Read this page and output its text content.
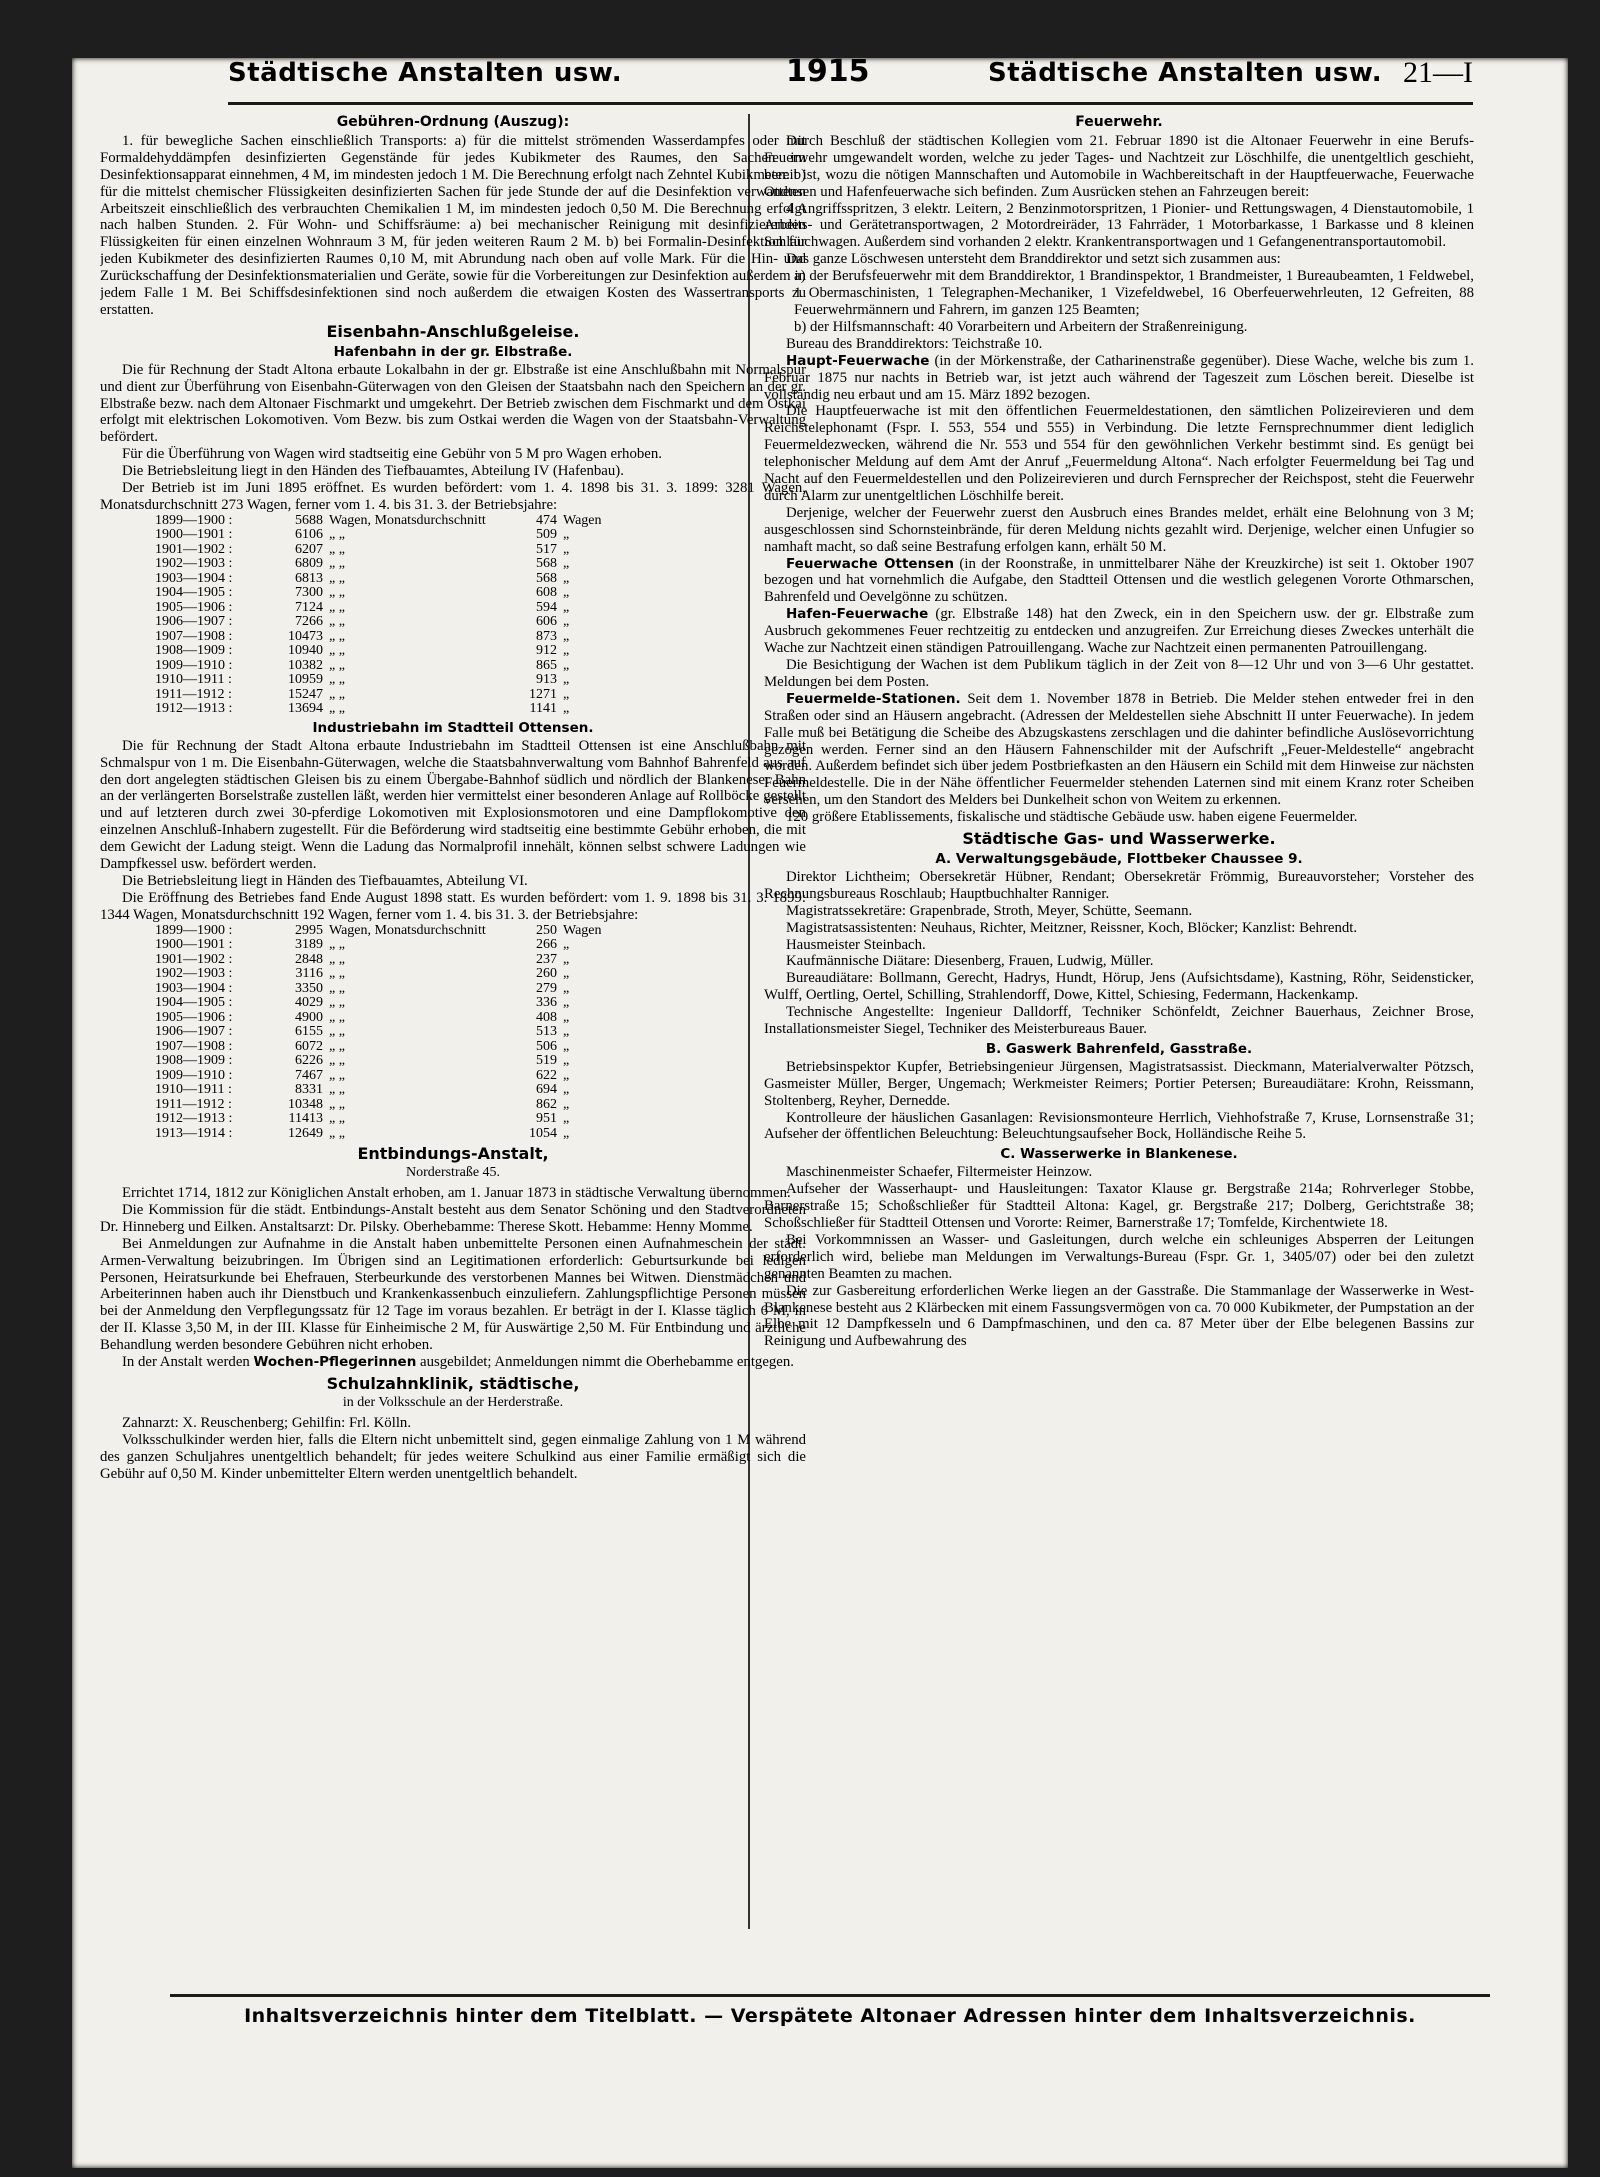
Städtische Anstalten usw.	1915	Städtische Anstalten usw. 21—I
Gebühren-Ordnung (Auszug):

1. für bewegliche Sachen einschließlich Transports: a) für die mittelst strömenden Wasserdampfes oder mit Formaldehyddämpfen desinfizierten Gegenstände für jedes Kubikmeter des Raumes, den Sachen im Desinfektionsapparat einnehmen, 4 M, im mindesten jedoch 1 M. Die Berechnung erfolgt nach Zehntel Kubikmeter. b) für die mittelst chemischer Flüssigkeiten desinfizierten Sachen für jede Stunde der auf die Desinfektion verwandten Arbeitszeit einschließlich des verbrauchten Chemikalien 1 M, im mindesten jedoch 0,50 M. Die Berechnung erfolgt nach halben Stunden. 2. Für Wohn- und Schiffsräume: a) bei mechanischer Reinigung mit desinfizierenden Flüssigkeiten für einen einzelnen Wohnraum 3 M, für jeden weiteren Raum 2 M. b) bei Formalin-Desinfektion für jeden Kubikmeter des desinfizierten Raumes 0,10 M, mit Abrundung nach oben auf volle Mark. Für die Hin- und Zurückschaffung der Desinfektionsmaterialien und Geräte, sowie für die Vorbereitungen zur Desinfektion außerdem in jedem Falle 1 M. Bei Schiffsdesinfektionen sind noch außerdem die etwaigen Kosten des Wassertransports zu erstatten.

Eisenbahn-Anschlußgeleise.
Hafenbahn in der gr. Elbstraße.

Die für Rechnung der Stadt Altona erbaute Lokalbahn in der gr. Elbstraße ist eine Anschlußbahn mit Normalspur und dient zur Überführung von Eisenbahn-Güterwagen von den Gleisen der Staatsbahn nach den Speichern an der gr. Elbstraße bezw. nach dem Altonaer Fischmarkt und umgekehrt. Der Betrieb zwischen dem Fischmarkt und dem Ostkai erfolgt mit elektrischen Lokomotiven. Vom Bezw. bis zum Ostkai werden die Wagen von der Staatsbahn-Verwaltung befördert.

Für die Überführung von Wagen wird stadtseitig eine Gebühr von 5 M pro Wagen erhoben.

Die Betriebsleitung liegt in den Händen des Tiefbauamtes, Abteilung IV (Hafenbau).

Der Betrieb ist im Juni 1895 eröffnet. Es wurden befördert: vom 1. 4. 1898 bis 31. 3. 1899: 3281 Wagen, Monatsdurchschnitt 273 Wagen, ferner vom 1. 4. bis 31. 3. der Betriebsjahre:

1899—1900 :	5688	Wagen, Monatsdurchschnitt	474	Wagen
1900—1901 :	6106	„ „	509	„
1901—1902 :	6207	„ „	517	„
1902—1903 :	6809	„ „	568	„
1903—1904 :	6813	„ „	568	„
1904—1905 :	7300	„ „	608	„
1905—1906 :	7124	„ „	594	„
1906—1907 :	7266	„ „	606	„
1907—1908 :	10473	„ „	873	„
1908—1909 :	10940	„ „	912	„
1909—1910 :	10382	„ „	865	„
1910—1911 :	10959	„ „	913	„
1911—1912 :	15247	„ „	1271	„
1912—1913 :	13694	„ „	1141	„
Industriebahn im Stadtteil Ottensen.

Die für Rechnung der Stadt Altona erbaute Industriebahn im Stadtteil Ottensen ist eine Anschlußbahn mit Schmalspur von 1 m. Die Eisenbahn-Güterwagen, welche die Staatsbahnverwaltung vom Bahnhof Bahrenfeld aus auf den dort angelegten städtischen Gleisen bis zu einem Übergabe-Bahnhof südlich und nördlich der Blankeneser Bahn an der verlängerten Borselstraße zustellen läßt, werden hier vermittelst einer besonderen Anlage auf Rollböcke gestellt und auf letzteren durch zwei 30-pferdige Lokomotiven mit Explosionsmotoren und eine Dampflokomotive den einzelnen Anschluß-Inhabern zugestellt. Für die Beförderung wird stadtseitig eine bestimmte Gebühr erhoben, die mit dem Gewicht der Ladung steigt. Wenn die Ladung das Normalprofil innehält, können selbst schwere Ladungen wie Dampfkessel usw. befördert werden.

Die Betriebsleitung liegt in Händen des Tiefbauamtes, Abteilung VI.

Die Eröffnung des Betriebes fand Ende August 1898 statt. Es wurden befördert: vom 1. 9. 1898 bis 31. 3. 1899: 1344 Wagen, Monatsdurchschnitt 192 Wagen, ferner vom 1. 4. bis 31. 3. der Betriebsjahre:

1899—1900 :	2995	Wagen, Monatsdurchschnitt	250	Wagen
1900—1901 :	3189	„ „	266	„
1901—1902 :	2848	„ „	237	„
1902—1903 :	3116	„ „	260	„
1903—1904 :	3350	„ „	279	„
1904—1905 :	4029	„ „	336	„
1905—1906 :	4900	„ „	408	„
1906—1907 :	6155	„ „	513	„
1907—1908 :	6072	„ „	506	„
1908—1909 :	6226	„ „	519	„
1909—1910 :	7467	„ „	622	„
1910—1911 :	8331	„ „	694	„
1911—1912 :	10348	„ „	862	„
1912—1913 :	11413	„ „	951	„
1913—1914 :	12649	„ „	1054	„
Entbindungs-Anstalt,
Norderstraße 45.

Errichtet 1714, 1812 zur Königlichen Anstalt erhoben, am 1. Januar 1873 in städtische Verwaltung übernommen.

Die Kommission für die städt. Entbindungs-Anstalt besteht aus dem Senator Schöning und den Stadtverordneten Dr. Hinneberg und Eilken. Anstaltsarzt: Dr. Pilsky. Oberhebamme: Therese Skott. Hebamme: Henny Momme.

Bei Anmeldungen zur Aufnahme in die Anstalt haben unbemittelte Personen einen Aufnahmeschein der städt. Armen-Verwaltung beizubringen. Im Übrigen sind an Legitimationen erforderlich: Geburtsurkunde bei ledigen Personen, Heiratsurkunde bei Ehefrauen, Sterbeurkunde des verstorbenen Mannes bei Witwen. Dienstmädchen und Arbeiterinnen haben auch ihr Dienstbuch und Krankenkassenbuch einzuliefern. Zahlungspflichtige Personen müssen bei der Anmeldung den Verpflegungssatz für 12 Tage im voraus bezahlen. Er beträgt in der I. Klasse täglich 6 M, in der II. Klasse 3,50 M, in der III. Klasse für Einheimische 2 M, für Auswärtige 2,50 M. Für Entbindung und ärztliche Behandlung werden besondere Gebühren nicht erhoben.

In der Anstalt werden Wochen-Pflegerinnen ausgebildet; Anmeldungen nimmt die Oberhebamme entgegen.

Schulzahnklinik, städtische,
in der Volksschule an der Herderstraße.

Zahnarzt: X. Reuschenberg; Gehilfin: Frl. Kölln.

Volksschulkinder werden hier, falls die Eltern nicht unbemittelt sind, gegen einmalige Zahlung von 1 M während des ganzen Schuljahres unentgeltlich behandelt; für jedes weitere Schulkind aus einer Familie ermäßigt sich die Gebühr auf 0,50 M. Kinder unbemittelter Eltern werden unentgeltlich behandelt.

Feuerwehr.

Durch Beschluß der städtischen Kollegien vom 21. Februar 1890 ist die Altonaer Feuerwehr in eine Berufs-Feuerwehr umgewandelt worden, welche zu jeder Tages- und Nachtzeit zur Löschhilfe, die unentgeltlich geschieht, bereit ist, wozu die nötigen Mannschaften und Automobile in Wachbereitschaft in der Hauptfeuerwache, Feuerwache Ottensen und Hafenfeuerwache sich befinden. Zum Ausrücken stehen an Fahrzeugen bereit:

4 Angriffsspritzen, 3 elektr. Leitern, 2 Benzinmotorspritzen, 1 Pionier- und Rettungswagen, 4 Dienstautomobile, 1 Arbeits- und Gerätetransportwagen, 2 Motordreiräder, 13 Fahrräder, 1 Motorbarkasse, 1 Barkasse und 8 kleinen Schlauchwagen. Außerdem sind vorhanden 2 elektr. Krankentransportwagen und 1 Gefangenentransportautomobil.

Das ganze Löschwesen untersteht dem Branddirektor und setzt sich zusammen aus:

a) der Berufsfeuerwehr mit dem Branddirektor, 1 Brandinspektor, 1 Brandmeister, 1 Bureaubeamten, 1 Feldwebel, 1 Obermaschinisten, 1 Telegraphen-Mechaniker, 1 Vizefeldwebel, 16 Oberfeuerwehrleuten, 12 Gefreiten, 88 Feuerwehrmännern und Fahrern, im ganzen 125 Beamten;

b) der Hilfsmannschaft: 40 Vorarbeitern und Arbeitern der Straßenreinigung.

Bureau des Branddirektors: Teichstraße 10.

Haupt-Feuerwache (in der Mörkenstraße, der Catharinenstraße gegenüber). Diese Wache, welche bis zum 1. Februar 1875 nur nachts in Betrieb war, ist jetzt auch während der Tageszeit zum Löschen bereit. Dieselbe ist vollständig neu erbaut und am 15. März 1892 bezogen.

Die Hauptfeuerwache ist mit den öffentlichen Feuermeldestationen, den sämtlichen Polizeirevieren und dem Reichstelephonamt (Fspr. I. 553, 554 und 555) in Verbindung. Die letzte Fernsprechnummer dient lediglich Feuermeldezwecken, während die Nr. 553 und 554 für den gewöhnlichen Verkehr bestimmt sind. Es genügt bei telephonischer Meldung auf dem Amt der Anruf „Feuermeldung Altona“. Nach erfolgter Feuermeldung bei Tag und Nacht auf den Feuermeldestellen und den Polizeirevieren und durch Fernsprecher der Reichspost, steht die Feuerwehr durch Alarm zur unentgeltlichen Löschhilfe bereit.

Derjenige, welcher der Feuerwehr zuerst den Ausbruch eines Brandes meldet, erhält eine Belohnung von 3 M; ausgeschlossen sind Schornsteinbrände, für deren Meldung nichts gezahlt wird. Derjenige, welcher einen Unfugier so namhaft macht, so daß seine Bestrafung erfolgen kann, erhält 50 M.

Feuerwache Ottensen (in der Roonstraße, in unmittelbarer Nähe der Kreuzkirche) ist seit 1. Oktober 1907 bezogen und hat vornehmlich die Aufgabe, den Stadtteil Ottensen und die westlich gelegenen Vororte Othmarschen, Bahrenfeld und Oevelgönne zu schützen.

Hafen-Feuerwache (gr. Elbstraße 148) hat den Zweck, ein in den Speichern usw. der gr. Elbstraße zum Ausbruch gekommenes Feuer rechtzeitig zu entdecken und anzugreifen. Zur Erreichung dieses Zweckes unterhält die Wache zur Nachtzeit einen ständigen Patrouillengang. Wache zur Nachtzeit einen permanenten Patrouillengang.

Die Besichtigung der Wachen ist dem Publikum täglich in der Zeit von 8—12 Uhr und von 3—6 Uhr gestattet. Meldungen bei dem Posten.

Feuermelde-Stationen. Seit dem 1. November 1878 in Betrieb. Die Melder stehen entweder frei in den Straßen oder sind an Häusern angebracht. (Adressen der Meldestellen siehe Abschnitt II unter Feuerwache). In jedem Falle muß bei Betätigung die Scheibe des Abzugskastens zerschlagen und die dahinter befindliche Auslösevorrichtung gezogen werden. Ferner sind an den Häusern Fahnenschilder mit der Aufschrift „Feuer-Meldestelle“ angebracht worden. Außerdem befindet sich über jedem Postbriefkasten an den Häusern ein Schild mit dem Hinweise zur nächsten Feuermeldestelle. Die in der Nähe öffentlicher Feuermelder stehenden Laternen sind mit einem Kranz roter Scheiben versehen, um den Standort des Melders bei Dunkelheit schon von Weitem zu erkennen.

120 größere Etablissements, fiskalische und städtische Gebäude usw. haben eigene Feuermelder.

Städtische Gas- und Wasserwerke.
A. Verwaltungsgebäude, Flottbeker Chaussee 9.

Direktor Lichtheim; Obersekretär Hübner, Rendant; Obersekretär Frömmig, Bureauvorsteher; Vorsteher des Rechnungsbureaus Roschlaub; Hauptbuchhalter Ranniger.

Magistratssekretäre: Grapenbrade, Stroth, Meyer, Schütte, Seemann.

Magistratsassistenten: Neuhaus, Richter, Meitzner, Reissner, Koch, Blöcker; Kanzlist: Behrendt.

Hausmeister Steinbach.

Kaufmännische Diätare: Diesenberg, Frauen, Ludwig, Müller.

Bureaudiätare: Bollmann, Gerecht, Hadrys, Hundt, Hörup, Jens (Aufsichtsdame), Kastning, Röhr, Seidensticker, Wulff, Oertling, Oertel, Schilling, Strahlendorff, Dowe, Kittel, Schiesing, Federmann, Hackenkamp.

Technische Angestellte: Ingenieur Dalldorff, Techniker Schönfeldt, Zeichner Bauerhaus, Zeichner Brose, Installationsmeister Siegel, Techniker des Meisterbureaus Bauer.

B. Gaswerk Bahrenfeld, Gasstraße.

Betriebsinspektor Kupfer, Betriebsingenieur Jürgensen, Magistratsassist. Dieckmann, Materialverwalter Pötzsch, Gasmeister Müller, Berger, Ungemach; Werkmeister Reimers; Portier Petersen; Bureaudiätare: Krohn, Reissmann, Stoltenberg, Reyher, Dernedde.

Kontrolleure der häuslichen Gasanlagen: Revisionsmonteure Herrlich, Viehhofstraße 7, Kruse, Lornsenstraße 31; Aufseher der öffentlichen Beleuchtung: Beleuchtungsaufseher Bock, Holländische Reihe 5.

C. Wasserwerke in Blankenese.

Maschinenmeister Schaefer, Filtermeister Heinzow.

Aufseher der Wasserhaupt- und Hausleitungen: Taxator Klause gr. Bergstraße 214a; Rohrverleger Stobbe, Barnerstraße 15; Schoßschließer für Stadtteil Altona: Kagel, gr. Bergstraße 217; Dolberg, Gerichtstraße 38; Schoßschließer für Stadtteil Ottensen und Vororte: Reimer, Barnerstraße 17; Tomfelde, Kirchentwiete 18.

Bei Vorkommnissen an Wasser- und Gasleitungen, durch welche ein schleuniges Absperren der Leitungen erforderlich wird, beliebe man Meldungen im Verwaltungs-Bureau (Fspr. Gr. 1, 3405/07) oder bei den zuletzt genannten Beamten zu machen.

Die zur Gasbereitung erforderlichen Werke liegen an der Gasstraße. Die Stammanlage der Wasserwerke in West-Blankenese besteht aus 2 Klärbecken mit einem Fassungsvermögen von ca. 70 000 Kubikmeter, der Pumpstation an der Elbe mit 12 Dampfkesseln und 6 Dampfmaschinen, und den ca. 87 Meter über der Elbe belegenen Bassins zur Reinigung und Aufbewahrung des

Inhaltsverzeichnis hinter dem Titelblatt. — Verspätete Altonaer Adressen hinter dem Inhaltsverzeichnis.
